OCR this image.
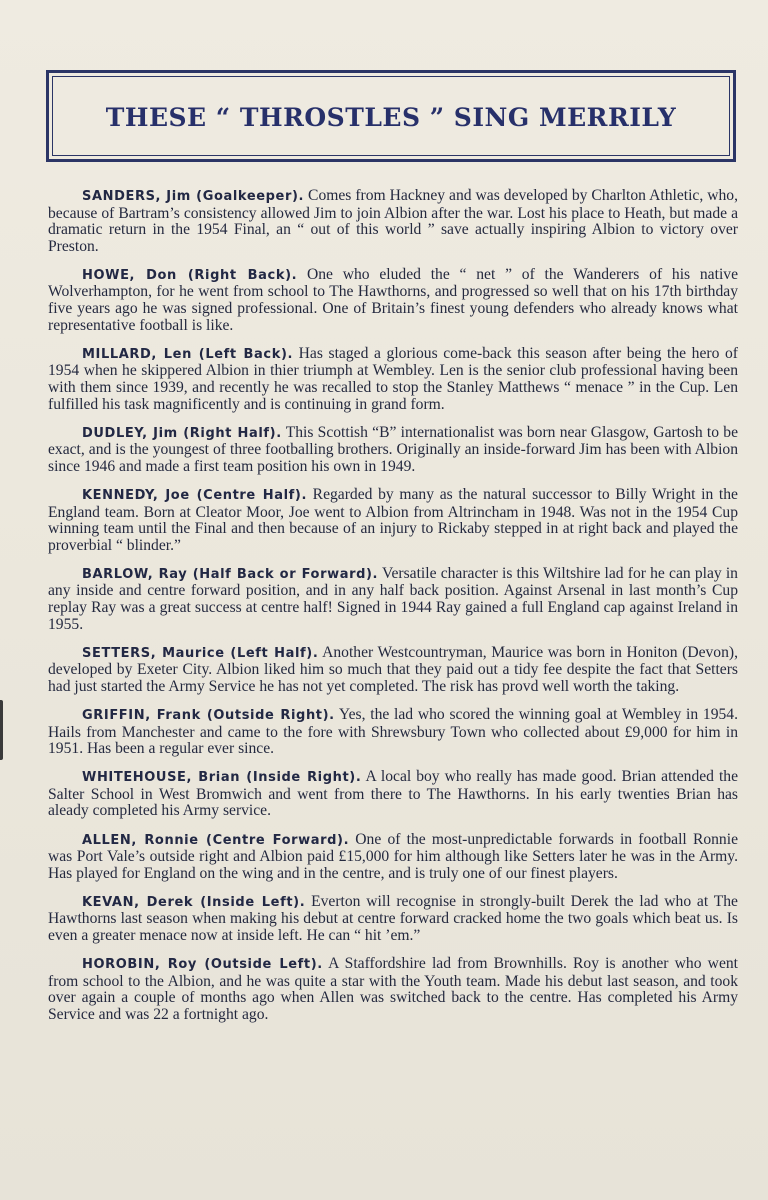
THESE “ THROSTLES ” SING MERRILY

SANDERS, Jim (Goalkeeper). Comes from Hackney and was developed by Charlton Athletic, who, because of Bartram’s consistency allowed Jim to join Albion after the war. Lost his place to Heath, but made a dramatic return in the 1954 Final, an “ out of this world ” save actually inspiring Albion to victory over Preston.

HOWE, Don (Right Back). One who eluded the “ net ” of the Wanderers of his native Wolverhampton, for he went from school to The Hawthorns, and progressed so well that on his 17th birthday five years ago he was signed professional. One of Britain’s finest young defenders who already knows what representative football is like.

MILLARD, Len (Left Back). Has staged a glorious come-back this season after being the hero of 1954 when he skippered Albion in thier triumph at Wembley. Len is the senior club professional having been with them since 1939, and recently he was recalled to stop the Stanley Matthews “ menace ” in the Cup. Len fulfilled his task magnificently and is continuing in grand form.

DUDLEY, Jim (Right Half). This Scottish “B” internationalist was born near Glasgow, Gartosh to be exact, and is the youngest of three footballing brothers. Originally an inside-forward Jim has been with Albion since 1946 and made a first team position his own in 1949.

KENNEDY, Joe (Centre Half). Regarded by many as the natural successor to Billy Wright in the England team. Born at Cleator Moor, Joe went to Albion from Altrincham in 1948. Was not in the 1954 Cup winning team until the Final and then because of an injury to Rickaby stepped in at right back and played the proverbial “ blinder.”

BARLOW, Ray (Half Back or Forward). Versatile character is this Wiltshire lad for he can play in any inside and centre forward position, and in any half back position. Against Arsenal in last month’s Cup replay Ray was a great success at centre half! Signed in 1944 Ray gained a full England cap against Ireland in 1955.

SETTERS, Maurice (Left Half). Another Westcountryman, Maurice was born in Honiton (Devon), developed by Exeter City. Albion liked him so much that they paid out a tidy fee despite the fact that Setters had just started the Army Service he has not yet completed. The risk has provd well worth the taking.

GRIFFIN, Frank (Outside Right). Yes, the lad who scored the winning goal at Wembley in 1954. Hails from Manchester and came to the fore with Shrewsbury Town who collected about £9,000 for him in 1951. Has been a regular ever since.

WHITEHOUSE, Brian (Inside Right). A local boy who really has made good. Brian attended the Salter School in West Bromwich and went from there to The Hawthorns. In his early twenties Brian has aleady completed his Army service.

ALLEN, Ronnie (Centre Forward). One of the most-unpredictable forwards in football Ronnie was Port Vale’s outside right and Albion paid £15,000 for him although like Setters later he was in the Army. Has played for England on the wing and in the centre, and is truly one of our finest players.

KEVAN, Derek (Inside Left). Everton will recognise in strongly-built Derek the lad who at The Hawthorns last season when making his debut at centre forward cracked home the two goals which beat us. Is even a greater menace now at inside left. He can “ hit ’em.”

HOROBIN, Roy (Outside Left). A Staffordshire lad from Brownhills. Roy is another who went from school to the Albion, and he was quite a star with the Youth team. Made his debut last season, and took over again a couple of months ago when Allen was switched back to the centre. Has completed his Army Service and was 22 a fortnight ago.
